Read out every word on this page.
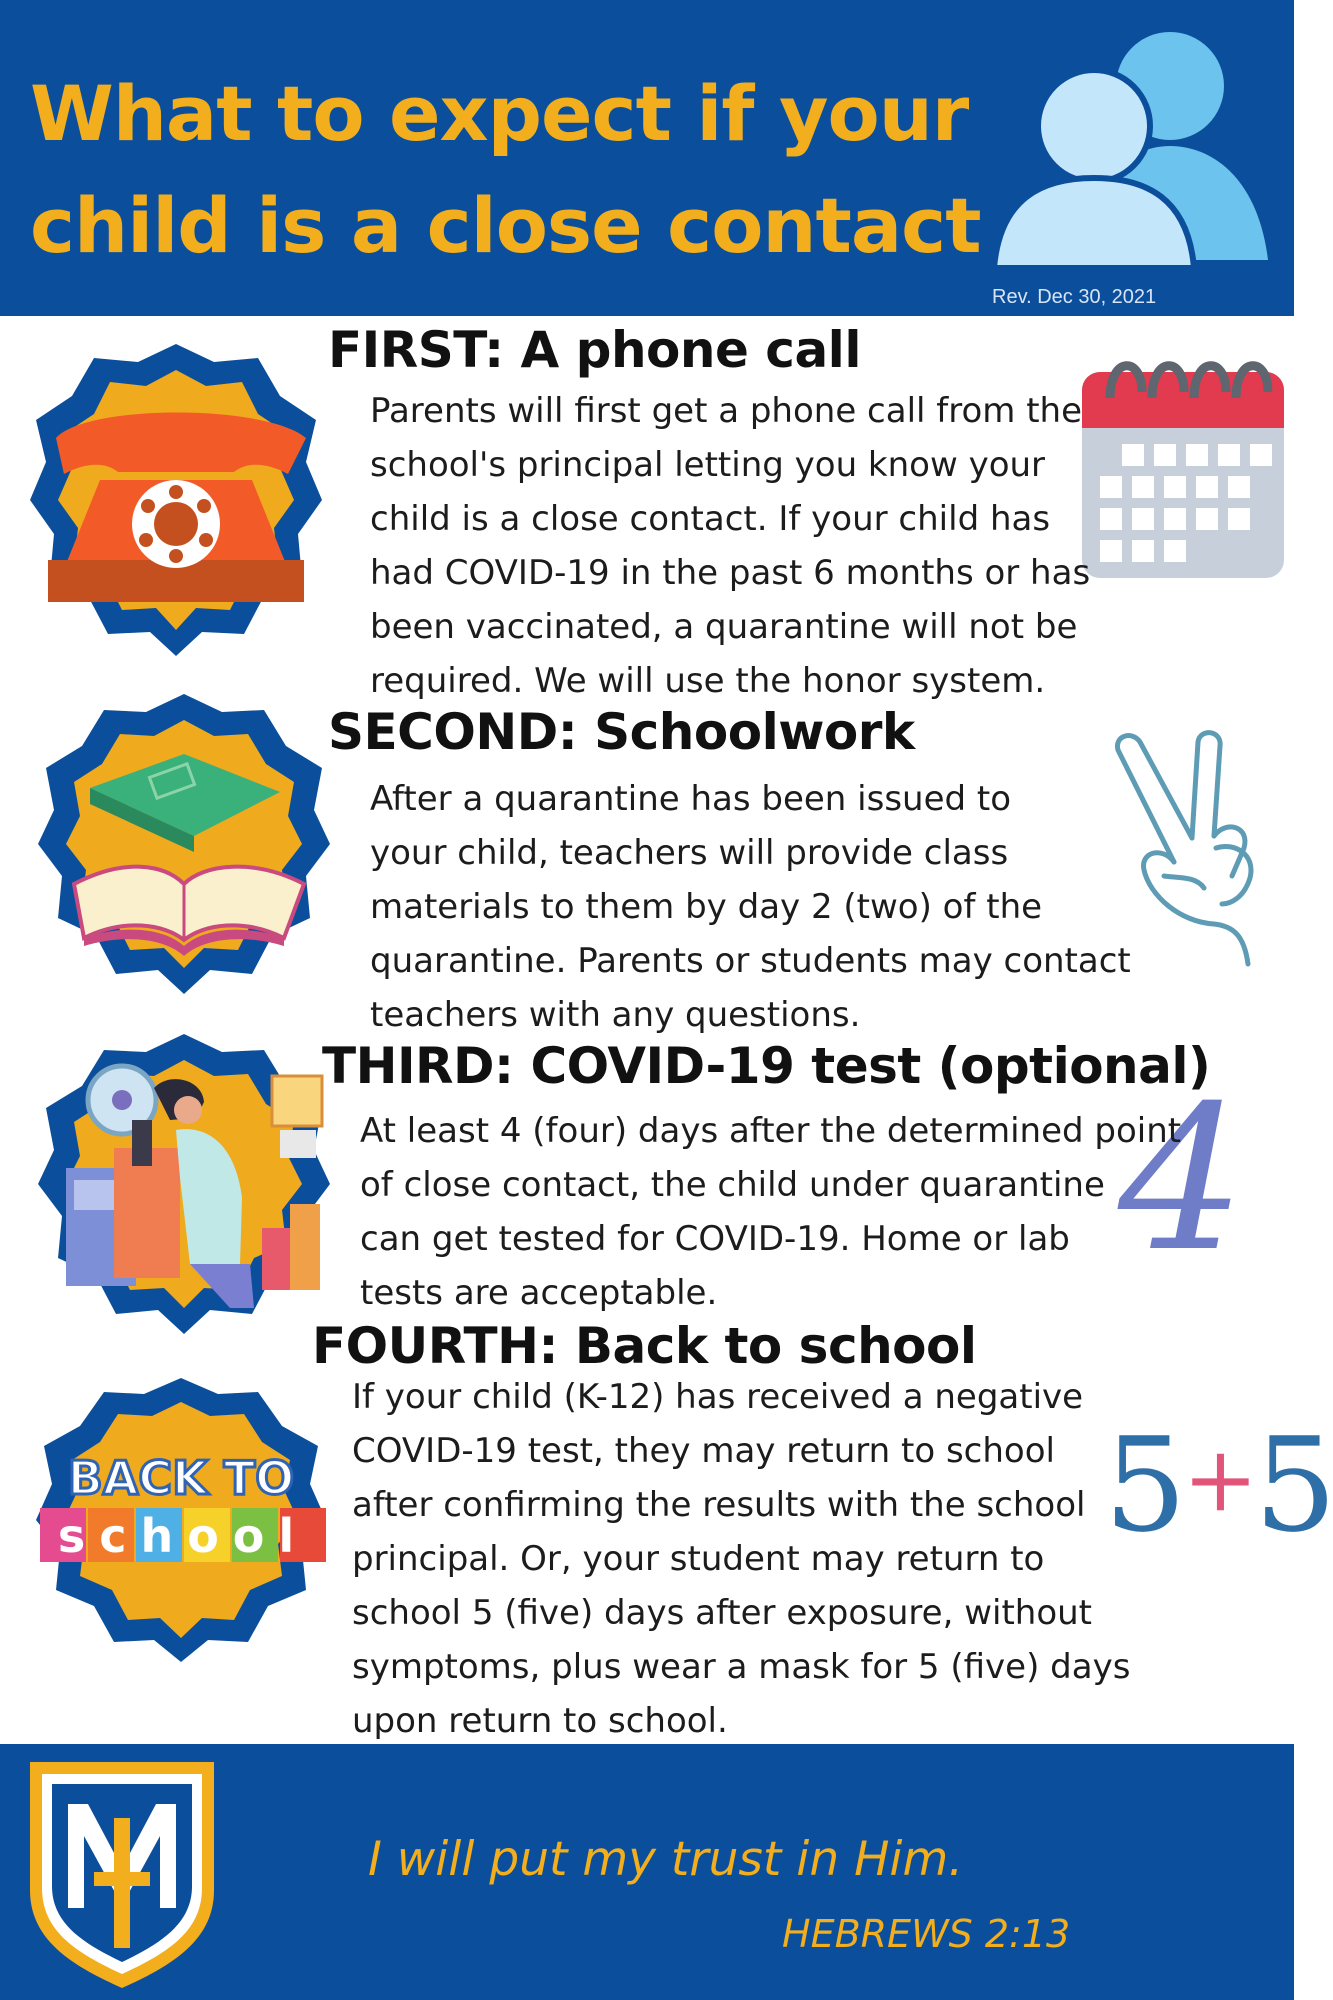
What to expect if your
child is a close contact
Rev. Dec 30, 2021
FIRST: A phone call
Parents will first get a phone call from the
school's principal letting you know your
child is a close contact. If your child has
had COVID-19 in the past 6 months or has
been vaccinated, a quarantine will not be
required. We will use the honor system.
SECOND: Schoolwork
After a quarantine has been issued to
your child, teachers will provide class
materials to them by day 2 (two) of the
quarantine. Parents or students may contact
teachers with any questions.
THIRD: COVID-19 test (optional)
4
At least 4 (four) days after the determined point
of close contact, the child under quarantine
can get tested for COVID-19. Home or lab
tests are acceptable.
BACK TO
school
FOURTH: Back to school
5+5
If your child (K-12) has received a negative
COVID-19 test, they may return to school
after confirming the results with the school
principal. Or, your student may return to
school 5 (five) days after exposure, without
symptoms, plus wear a mask for 5 (five) days
upon return to school.
I will put my trust in Him.
HEBREWS 2:13
